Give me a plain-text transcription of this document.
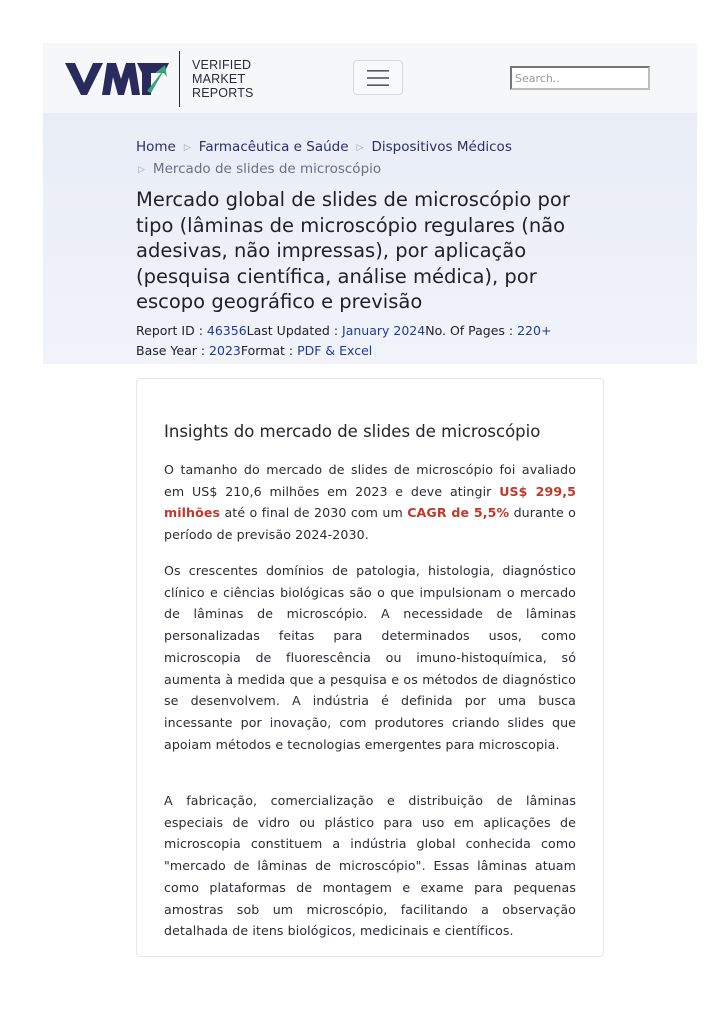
VERIFIED
MARKET
REPORTS
Search..
Home ▷ Farmacêutica e Saúde ▷ Dispositivos Médicos
▷ Mercado de slides de microscópio
Mercado global de slides de microscópio por tipo (lâminas de microscópio regulares (não adesivas, não impressas), por aplicação (pesquisa científica, análise médica), por escopo geográfico e previsão
Report ID : 46356Last Updated : January 2024No. Of Pages : 220+
Base Year : 2023Format : PDF & Excel
Insights do mercado de slides de microscópio

O tamanho do mercado de slides de microscópio foi avaliado em US$ 210,6 milhões em 2023 e deve atingir US$ 299,5 milhões até o final de 2030 com um CAGR de 5,5% durante o período de previsão 2024-2030.

Os crescentes domínios de patologia, histologia, diagnóstico clínico e ciências biológicas são o que impulsionam o mercado de lâminas de microscópio. A necessidade de lâminas personalizadas feitas para determinados usos, como microscopia de fluorescência ou imuno-histoquímica, só aumenta à medida que a pesquisa e os métodos de diagnóstico se desenvolvem. A indústria é definida por uma busca incessante por inovação, com produtores criando slides que apoiam métodos e tecnologias emergentes para microscopia.

A fabricação, comercialização e distribuição de lâminas especiais de vidro ou plástico para uso em aplicações de microscopia constituem a indústria global conhecida como "mercado de lâminas de microscópio". Essas lâminas atuam como plataformas de montagem e exame para pequenas amostras sob um microscópio, facilitando a observação detalhada de itens biológicos, medicinais e científicos.
